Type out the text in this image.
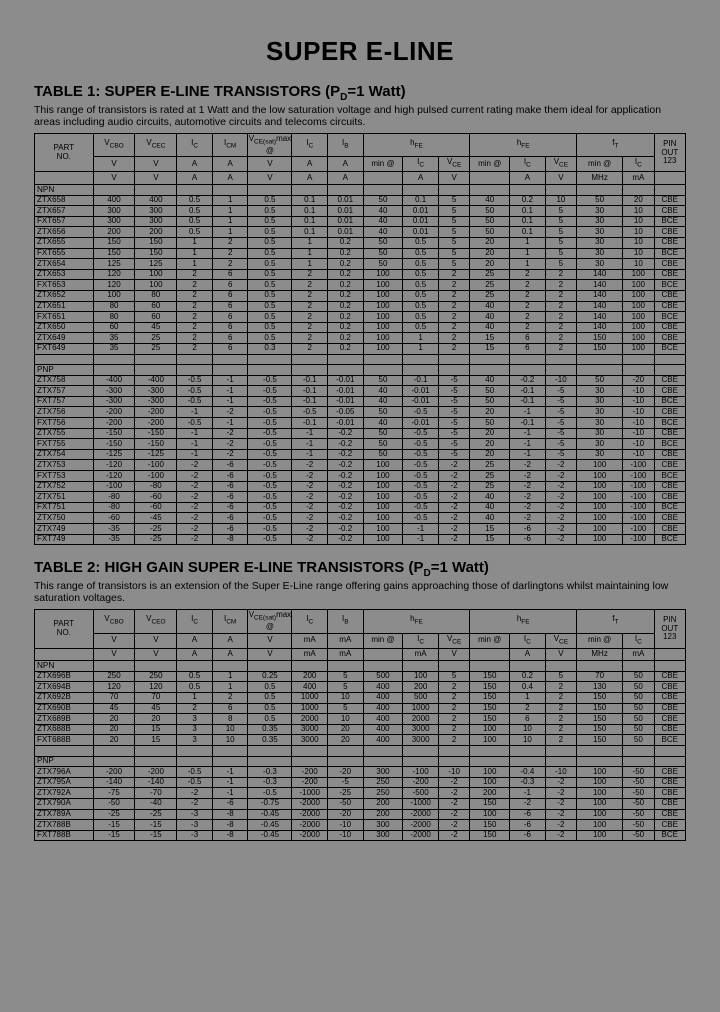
SUPER E-LINE
TABLE 1: SUPER E-LINE TRANSISTORS ($P_D=1$ Watt)

This range of transistors is rated at 1 Watt and the low saturation voltage and high pulsed current rating make them ideal for application areas including audio circuits, automotive circuits and telecoms circuits.

PART
NO.	$V_{CBO}$	$V_{CEC}$	$I_C$	$I_{CM}$	$V_{CE(sat)}\max$ @	$I_C$	$I_B$	$h_{FE}$			$h_{FE}$			$f_T$		PIN
OUT
123
	V	V	A	A	V	A	A	min @	$I_C$	$V_{CE}$	min @	$I_C$	$V_{CE}$	min @	$I_C$
	V	V	A	A	V	A	A		A	V		A	V	MHz	mA	
NPN																
ZTX658	400	400	0.5	1	0.5	0.1	0.01	50	0.1	5	40	0.2	10	50	20	CBE
ZTX657	300	300	0.5	1	0.5	0.1	0.01	40	0.01	5	50	0.1	5	30	10	CBE
FXT657	300	300	0.5	1	0.5	0.1	0.01	40	0.01	5	50	0.1	5	30	10	BCE
ZTX656	200	200	0.5	1	0.5	0.1	0.01	40	0.01	5	50	0.1	5	30	10	CBE
ZTX655	150	150	1	2	0.5	1	0.2	50	0.5	5	20	1	5	30	10	CBE
FXT655	150	150	1	2	0.5	1	0.2	50	0.5	5	20	1	5	30	10	BCE
ZTX654	125	125	1	2	0.5	1	0.2	50	0.5	5	20	1	5	30	10	CBE
ZTX653	120	100	2	6	0.5	2	0.2	100	0.5	2	25	2	2	140	100	CBE
FXT653	120	100	2	6	0.5	2	0.2	100	0.5	2	25	2	2	140	100	BCE
ZTX652	100	80	2	6	0.5	2	0.2	100	0.5	2	25	2	2	140	100	CBE
ZTX651	80	60	2	6	0.5	2	0.2	100	0.5	2	40	2	2	140	100	CBE
FXT651	80	60	2	6	0.5	2	0.2	100	0.5	2	40	2	2	140	100	BCE
ZTX650	60	45	2	6	0.5	2	0.2	100	0.5	2	40	2	2	140	100	CBE
ZTX649	35	25	2	6	0.5	2	0.2	100	1	2	15	6	2	150	100	CBE
FXT649	35	25	2	6	0.3	2	0.2	100	1	2	15	6	2	150	100	BCE

PNP																
ZTX758	-400	-400	-0.5	-1	-0.5	-0.1	-0.01	50	-0.1	-5	40	-0.2	-10	50	-20	CBE
ZTX757	-300	-300	-0.5	-1	-0.5	-0.1	-0.01	40	-0.01	-5	50	-0.1	-5	30	-10	CBE
FXT757	-300	-300	-0.5	-1	-0.5	-0.1	-0.01	40	-0.01	-5	50	-0.1	-5	30	-10	BCE
ZTX756	-200	-200	-1	-2	-0.5	-0.5	-0.05	50	-0.5	-5	20	-1	-5	30	-10	CBE
FXT756	-200	-200	-0.5	-1	-0.5	-0.1	-0.01	40	-0.01	-5	50	-0.1	-5	30	-10	BCE
ZTX755	-150	-150	-1	-2	-0.5	-1	-0.2	50	-0.5	-5	20	-1	-5	30	-10	CBE
FXT755	-150	-150	-1	-2	-0.5	-1	-0.2	50	-0.5	-5	20	-1	-5	30	-10	BCE
ZTX754	-125	-125	-1	-2	-0.5	-1	-0.2	50	-0.5	-5	20	-1	-5	30	-10	CBE
ZTX753	-120	-100	-2	-6	-0.5	-2	-0.2	100	-0.5	-2	25	-2	-2	100	-100	CBE
FXT753	-120	-100	-2	-6	-0.5	-2	-0.2	100	-0.5	-2	25	-2	-2	100	-100	BCE
ZTX752	-100	-80	-2	-6	-0.5	-2	-0.2	100	-0.5	-2	25	-2	-2	100	-100	CBE
ZTX751	-80	-60	-2	-6	-0.5	-2	-0.2	100	-0.5	-2	40	-2	-2	100	-100	CBE
FXT751	-80	-60	-2	-6	-0.5	-2	-0.2	100	-0.5	-2	40	-2	-2	100	-100	BCE
ZTX750	-60	-45	-2	-6	-0.5	-2	-0.2	100	-0.5	-2	40	-2	-2	100	-100	CBE
ZTX749	-35	-25	-2	-6	-0.5	-2	-0.2	100	-1	-2	15	-6	-2	100	-100	CBE
FXT749	-35	-25	-2	-8	-0.5	-2	-0.2	100	-1	-2	15	-6	-2	100	-100	BCE
TABLE 2: HIGH GAIN SUPER E-LINE TRANSISTORS ($P_D=1$ Watt)

This range of transistors is an extension of the Super E-Line range offering gains approaching those of darlingtons whilst maintaining low saturation voltages.

PART
NO.	$V_{CBO}$	$V_{CEO}$	$I_C$	$I_{CM}$	$V_{CE(sat)}\max$ @	$I_C$	$I_B$	$h_{FE}$			$h_{FE}$			$f_T$		PIN
OUT
123
	V	V	A	A	V	mA	mA	min @	$I_C$	$V_{CE}$	min @	$I_C$	$V_{CE}$	min @	$I_C$
	V	V	A	A	V	mA	mA		mA	V		A	V	MHz	mA	
NPN																
ZTX696B	250	250	0.5	1	0.25	200	5	500	100	5	150	0.2	5	70	50	CBE
ZTX694B	120	120	0.5	1	0.5	400	5	400	200	2	150	0.4	2	130	50	CBE
ZTX692B	70	70	1	2	0.5	1000	10	400	500	2	150	1	2	150	50	CBE
ZTX690B	45	45	2	6	0.5	1000	5	400	1000	2	150	2	2	150	50	CBE
ZTX689B	20	20	3	8	0.5	2000	10	400	2000	2	150	6	2	150	50	CBE
ZTX688B	20	15	3	10	0.35	3000	20	400	3000	2	100	10	2	150	50	CBE
FXT688B	20	15	3	10	0.35	3000	20	400	3000	2	100	10	2	150	50	BCE

PNP																
ZTX796A	-200	-200	-0.5	-1	-0.3	-200	-20	300	-100	-10	100	-0.4	-10	100	-50	CBE
ZTX795A	-140	-140	-0.5	-1	-0.3	-200	-5	250	-200	-2	100	-0.3	-2	100	-50	CBE
ZTX792A	-75	-70	-2	-1	-0.5	-1000	-25	250	-500	-2	200	-1	-2	100	-50	CBE
ZTX790A	-50	-40	-2	-6	-0.75	-2000	-50	200	-1000	-2	150	-2	-2	100	-50	CBE
ZTX789A	-25	-25	-3	-8	-0.45	-2000	-20	200	-2000	-2	100	-6	-2	100	-50	CBE
ZTX788B	-15	-15	-3	-8	-0.45	-2000	-10	300	-2000	-2	150	-6	-2	100	-50	CBE
FXT788B	-15	-15	-3	-8	-0.45	-2000	-10	300	-2000	-2	150	-6	-2	100	-50	BCE
